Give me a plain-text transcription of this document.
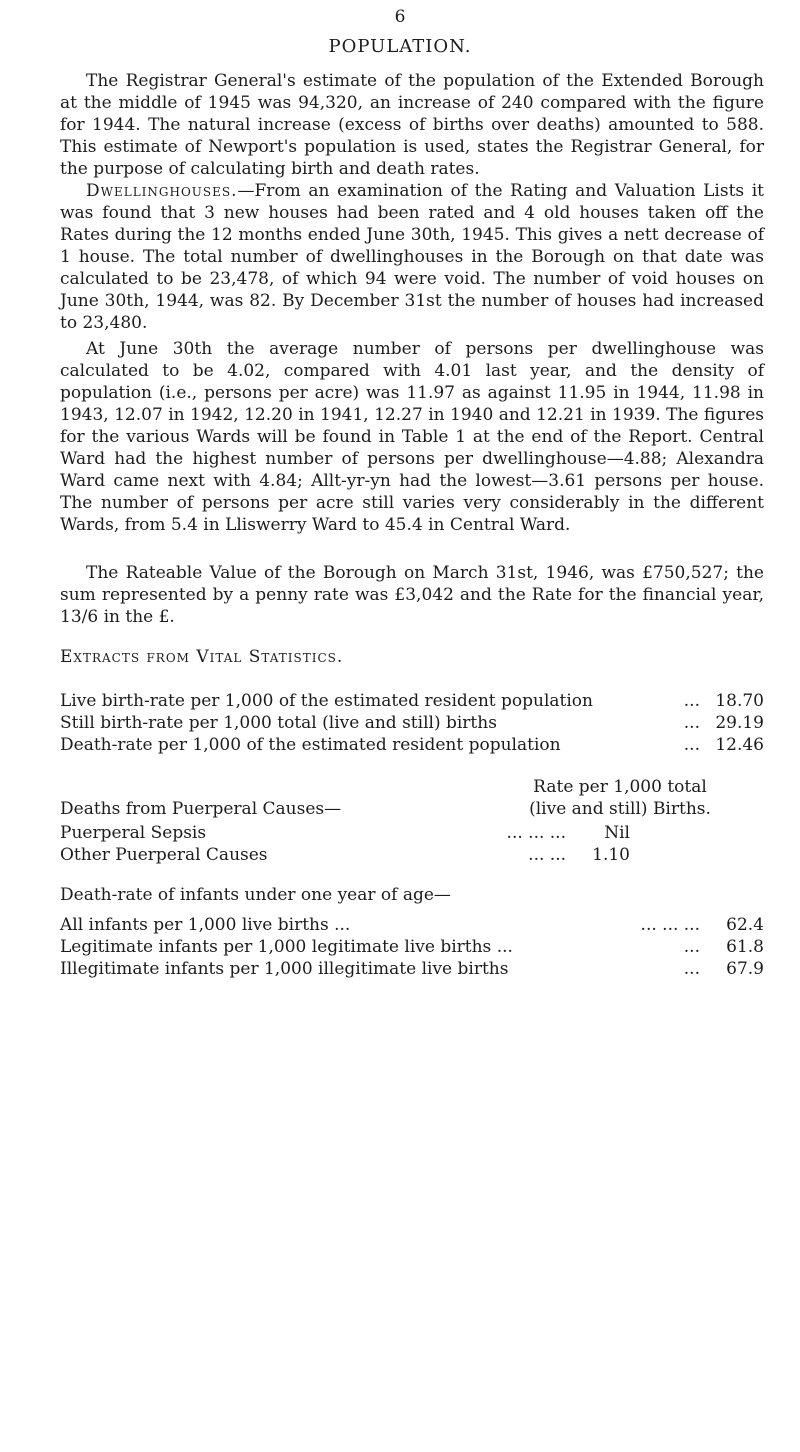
6
POPULATION.

The Registrar General's estimate of the population of the Extended Borough at the middle of 1945 was 94,320, an increase of 240 compared with the figure for 1944. The natural increase (excess of births over deaths) amounted to 588. This estimate of Newport's population is used, states the Registrar General, for the purpose of calculating birth and death rates.

Dwellinghouses.—From an examination of the Rating and Valuation Lists it was found that 3 new houses had been rated and 4 old houses taken off the Rates during the 12 months ended June 30th, 1945. This gives a nett decrease of 1 house. The total number of dwellinghouses in the Borough on that date was calculated to be 23,478, of which 94 were void. The number of void houses on June 30th, 1944, was 82. By December 31st the number of houses had increased to 23,480.

At June 30th the average number of persons per dwellinghouse was calculated to be 4.02, compared with 4.01 last year, and the density of population (i.e., persons per acre) was 11.97 as against 11.95 in 1944, 11.98 in 1943, 12.07 in 1942, 12.20 in 1941, 12.27 in 1940 and 12.21 in 1939. The figures for the various Wards will be found in Table 1 at the end of the Report. Central Ward had the highest number of persons per dwellinghouse—4.88; Alexandra Ward came next with 4.84; Allt-yr-yn had the lowest—3.61 persons per house. The number of persons per acre still varies very considerably in the different Wards, from 5.4 in Lliswerry Ward to 45.4 in Central Ward.

The Rateable Value of the Borough on March 31st, 1946, was £750,527; the sum represented by a penny rate was £3,042 and the Rate for the financial year, 13/6 in the £.

Extracts from Vital Statistics.

Live birth-rate per 1,000 of the estimated resident population	... 18.70
Still birth-rate per 1,000 total (live and still) births	... 29.19
Death-rate per 1,000 of the estimated resident population	... 12.46
Rate per 1,000 total
(live and still) Births.

Deaths from Puerperal Causes—

Puerperal Sepsis	... ... ...	Nil
Other Puerperal Causes	... ...	1.10

Death-rate of infants under one year of age—

All infants per 1,000 live births ...	... ... ...	62.4
Legitimate infants per 1,000 legitimate live births ...	...	61.8
Illegitimate infants per 1,000 illegitimate live births	...	67.9
